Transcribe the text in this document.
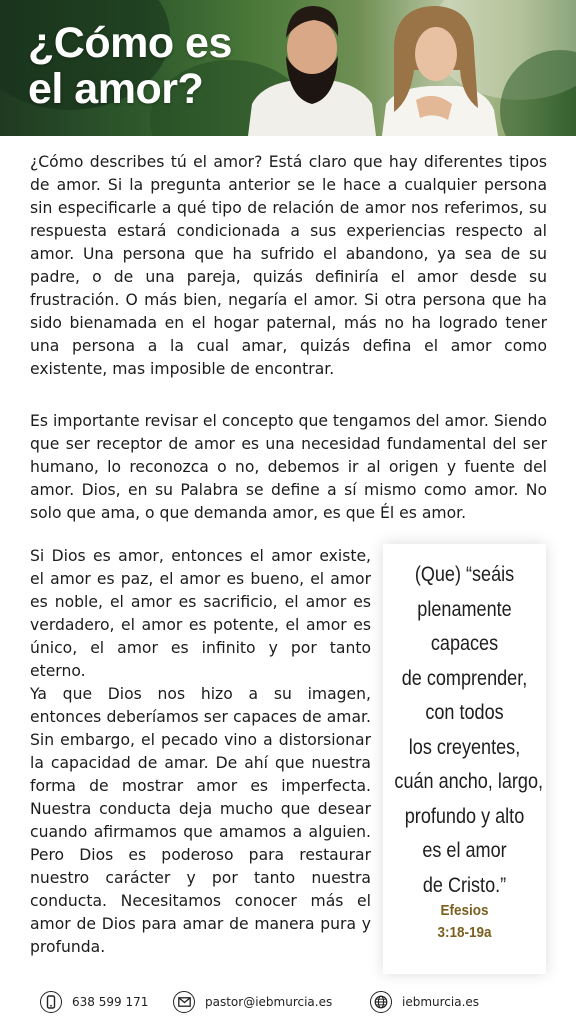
¿Cómo es
el amor?

¿Cómo describes tú el amor? Está claro que hay diferentes tipos de amor. Si la pregunta anterior se le hace a cualquier persona sin especificarle a qué tipo de relación de amor nos referimos, su respuesta estará condicionada a sus experiencias respecto al amor. Una persona que ha sufrido el abandono, ya sea de su padre, o de una pareja, quizás definiría el amor desde su frustración. O más bien, negaría el amor. Si otra persona que ha sido bienamada en el hogar paternal, más no ha logrado tener una persona a la cual amar, quizás defina el amor como existente, mas imposible de encontrar.

Es importante revisar el concepto que tengamos del amor. Siendo que ser receptor de amor es una necesidad fundamental del ser humano, lo reconozca o no, debemos ir al origen y fuente del amor. Dios, en su Palabra se define a sí mismo como amor. No solo que ama, o que demanda amor, es que Él es amor.

Si Dios es amor, entonces el amor existe, el amor es paz, el amor es bueno, el amor es noble, el amor es sacrificio, el amor es verdadero, el amor es potente, el amor es único, el amor es infinito y por tanto eterno.

Ya que Dios nos hizo a su imagen, entonces deberíamos ser capaces de amar. Sin embargo, el pecado vino a distorsionar la capacidad de amar. De ahí que nuestra forma de mostrar amor es imperfecta. Nuestra conducta deja mucho que desear cuando afirmamos que amamos a alguien. Pero Dios es poderoso para restaurar nuestro carácter y por tanto nuestra conducta. Necesitamos conocer más el amor de Dios para amar de manera pura y profunda.

(Que) “seáis
plenamente
capaces
de comprender,
con todos
los creyentes,
cuán ancho, largo,
profundo y alto
es el amor
de Cristo.”
Efesios
3:18-19a
638 599 171	pastor@iebmurcia.es	iebmurcia.es
